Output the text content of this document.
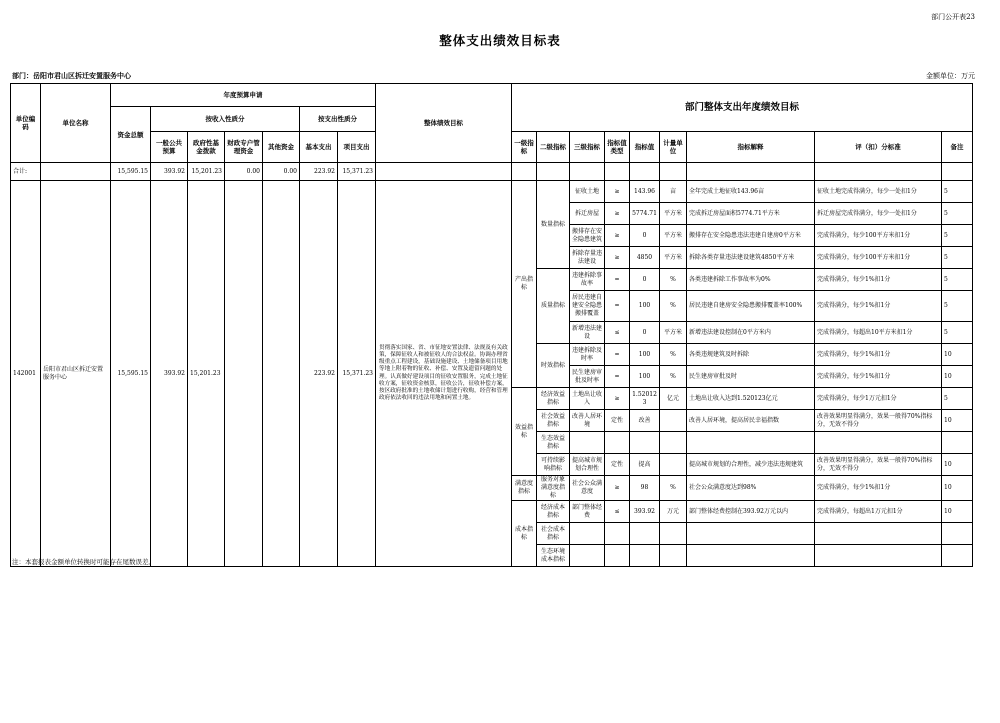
部门公开表23
整体支出绩效目标表
部门：岳阳市君山区拆迁安置服务中心	金额单位：万元
单位编码	单位名称	年度预算申请							整体绩效目标	部门整体支出年度绩效目标								
		资金总额	按收入性质分				按支出性质分											
			一般公共预算	政府性基金拨款	财政专户管理资金	其他资金	基本支出	项目支出		一级指标	二级指标	三级指标	指标值类型	指标值	计量单位	指标解释	评（扣）分标准	备注
合计:		15,595.15	393.92	15,201.23	0.00	0.00	223.92	15,371.23										
142001	岳阳市君山区拆迁安置服务中心	15,595.15	393.92	15,201.23			223.92	15,371.23	贯彻落实国家、省、市征地安置法律、法规及有关政策，保障征收人和被征收人的合法权益。协调办理省级重点工程建设，基础设施建设、土地储备项目用地等地上附着物的征收、补偿、安置及遗留问题的处理。认真做好建设项目的征收安置服务，完成土地征收方案，征收资金核算，征收公告，征收补偿方案，按区政府批准的土地收储计划进行收购，经营和管理政府依法收回的违法用地和闲置土地。	产出指标	数量指标	征收土地	≥	143.96	亩	全年完成土地征收143.96亩	征收土地完成得满分，每少一处扣1分	5
												拆迁房屋	≥	5774.71	平方米	完成拆迁房屋面积5774.71平方米	拆迁房屋完成得满分，每少一处扣1分	5
												搬排存在安全隐患建筑	≥	0	平方米	搬排存在安全隐患违法违建自建房0平方米	完成得满分，每少100平方米扣1分	5
												拆除存量违法建设	≥	4850	平方米	拆除各类存量违法建设建筑4850平方米	完成得满分，每少100平方米扣1分	5
											质量指标	违建拆除事故率	=	0	%	各类违建拆除工作事故率为0%	完成得满分，每少1%扣1分	5
												居民违建自建安全隐患搬排覆盖	=	100	%	居民违建自建房安全隐患搬排覆盖率100%	完成得满分，每少1%扣1分	5
												新增违法建设	≤	0	平方米	新增违法建设控制在0平方米内	完成得满分，每超出10平方米扣1分	5
											时效指标	违建拆除及时率	=	100	%	各类违规建筑及时拆除	完成得满分，每少1%扣1分	10
												民生建房审批及时率	=	100	%	民生建房审批及时	完成得满分，每少1%扣1分	10
										效益指标	经济效益指标	土地出让收入	≥	1.520123	亿元	土地出让收入达到1.520123亿元	完成得满分，每少1万元扣1分	5
											社会效益指标	改善人居环境	定性	改善		改善人居环境，提高居民幸福指数	改善效果明显得满分，效果一般得70%指标分，无效不得分	10
											生态效益指标							
											可持续影响指标	提高城市规划合理性	定性	提高		提高城市规划的合理性，减少违法违规建筑	改善效果明显得满分，效果一般得70%指标分，无效不得分	10
										满意度指标	服务对象满意度指标	社会公众满意度	≥	98	%	社会公众满意度达到98%	完成得满分，每少1%扣1分	10
										成本指标	经济成本指标	部门整体经费	≤	393.92	万元	部门整体经费控制在393.92万元以内	完成得满分，每超出1万元扣1分	10
											社会成本指标							
											生态环境成本指标							
注：本套报表金额单位转换时可能存在尾数误差。
